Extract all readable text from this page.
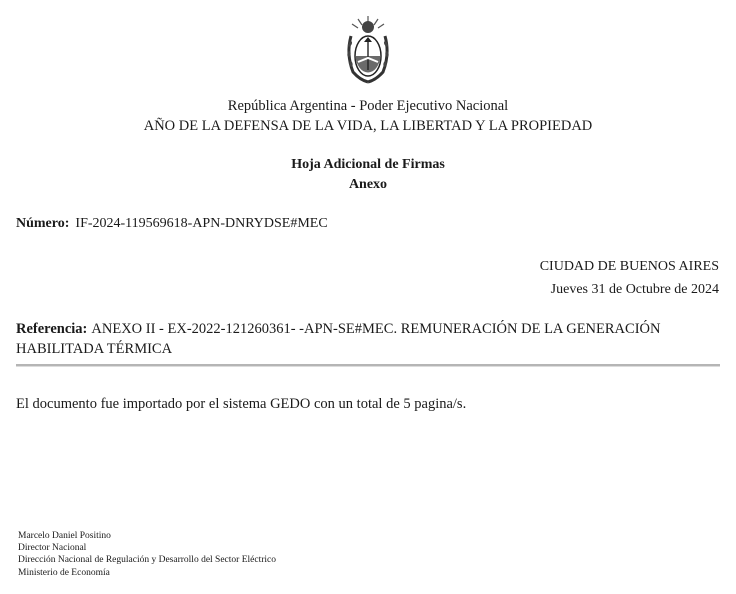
República Argentina - Poder Ejecutivo Nacional
AÑO DE LA DEFENSA DE LA VIDA, LA LIBERTAD Y LA PROPIEDAD
Hoja Adicional de Firmas
Anexo
Número: IF-2024-119569618-APN-DNRYDSE#MEC
CIUDAD DE BUENOS AIRES
Jueves 31 de Octubre de 2024
Referencia: ANEXO II - EX-2022-121260361- -APN-SE#MEC. REMUNERACIÓN DE LA GENERACIÓN HABILITADA TÉRMICA
El documento fue importado por el sistema GEDO con un total de 5 pagina/s.
Marcelo Daniel Positino
Director Nacional
Dirección Nacional de Regulación y Desarrollo del Sector Eléctrico
Ministerio de Economía
